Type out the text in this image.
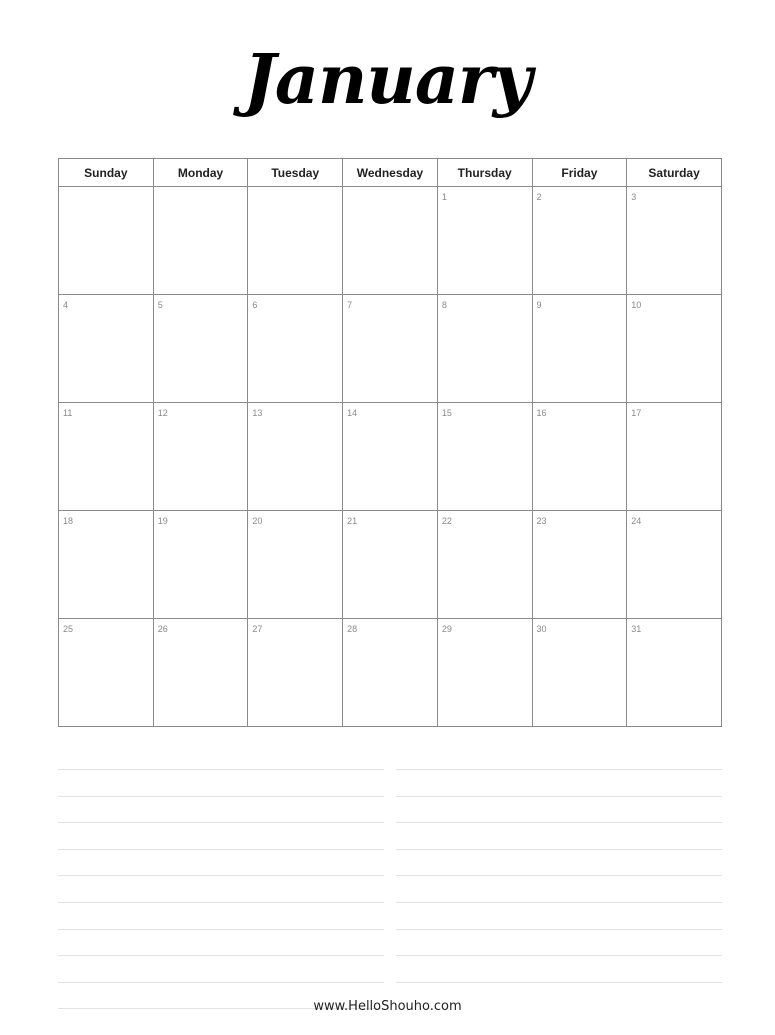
January
Sunday	Monday	Tuesday	Wednesday	Thursday	Friday	Saturday

				1	2	3

4	5	6	7	8	9	10

11	12	13	14	15	16	17

18	19	20	21	22	23	24

25	26	27	28	29	30	31
www.HelloShouho.com
